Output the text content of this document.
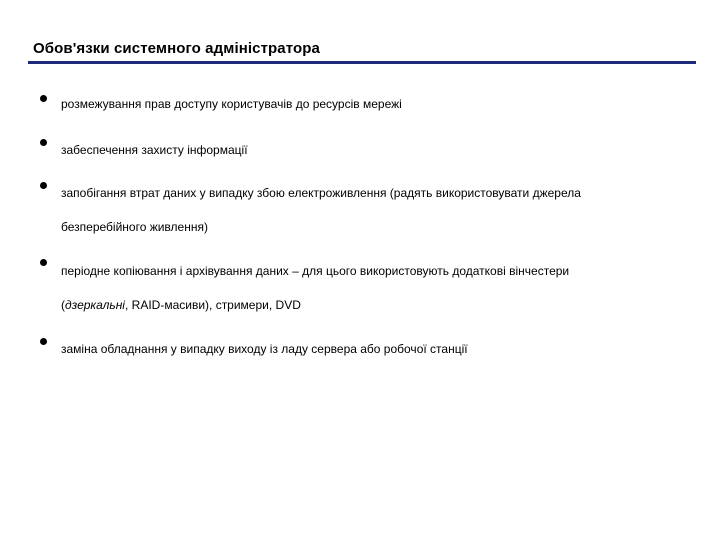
Обов'язки системного адміністратора
розмежування прав доступу користувачів до ресурсів мережі
забеспечення захисту інформації
запобігання втрат даних у випадку збою електроживлення (радять використовувати джерела
безперебійного живлення)
періодне копіювання і архівування даних – для цього використовують додаткові вінчестери
(дзеркальні, RAID-масиви), стримери, DVD
заміна обладнання у випадку виходу із ладу сервера або робочої станції
